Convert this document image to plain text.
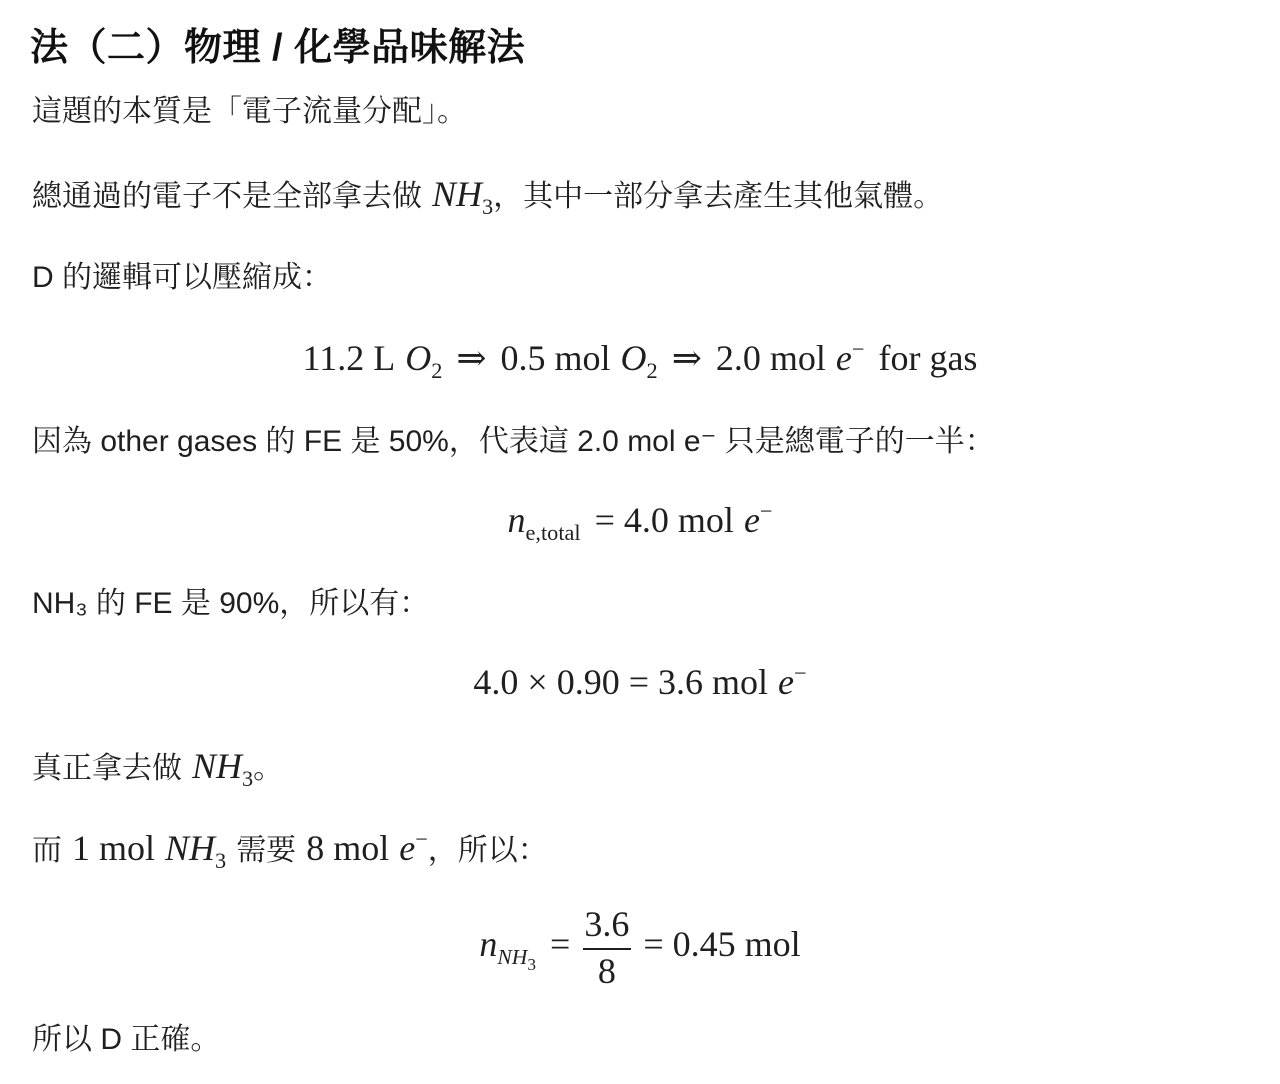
法（二）物理 / 化學品味解法
這題的本質是「電子流量分配」。
總通過的電子不是全部拿去做 $NH_3$，其中一部分拿去產生其他氣體。
D 的邏輯可以壓縮成：
11.2 L $O_2$ ⇒ 0.5 mol $O_2$ ⇒ 2.0 mol e− for gas
因為 other gases 的 FE 是 50%，代表這 2.0 mol e⁻ 只是總電子的一半：
$n_{e,total} = 4.0$ mol e−
NH₃ 的 FE 是 90%，所以有：
4.0 × 0.90 = 3.6 mol e−
真正拿去做 $NH_3$。
而 1 mol $NH_3$ 需要 8 mol e−，所以：
$n_{NH_3}= \frac{3.6}{8} = 0.45$ mol
所以 D 正確。
